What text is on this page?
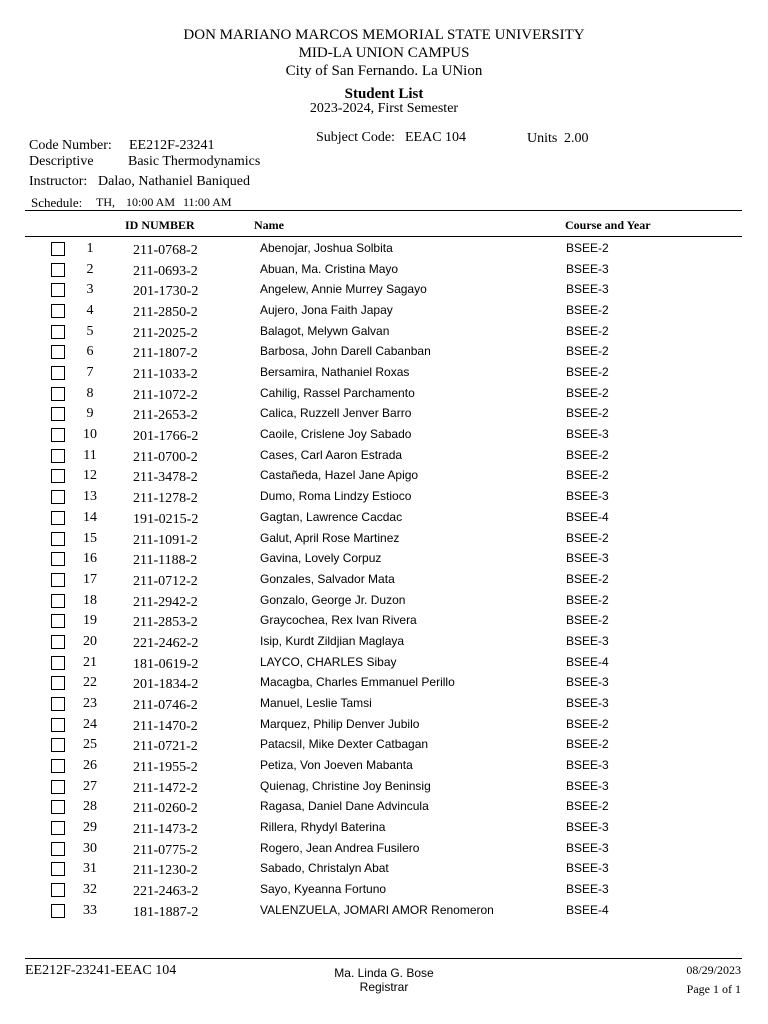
DON MARIANO MARCOS MEMORIAL STATE UNIVERSITY
MID-LA UNION CAMPUS
City of San Fernando. La UNion
Student List
2023-2024, First Semester
Code Number: EE212F-23241
Subject Code: EEAC 104	Units 2.00
Descriptive Basic Thermodynamics
Instructor: Dalao, Nathaniel Baniqued
Schedule: TH, 10:00 AM 11:00 AM
ID NUMBER	Name	Course and Year
1	211-0768-2	Abenojar, Joshua Solbita	BSEE-2
2	211-0693-2	Abuan, Ma. Cristina Mayo	BSEE-3
3	201-1730-2	Angelew, Annie Murrey Sagayo	BSEE-3
4	211-2850-2	Aujero, Jona Faith Japay	BSEE-2
5	211-2025-2	Balagot, Melywn Galvan	BSEE-2
6	211-1807-2	Barbosa, John Darell Cabanban	BSEE-2
7	211-1033-2	Bersamira, Nathaniel Roxas	BSEE-2
8	211-1072-2	Cahilig, Rassel Parchamento	BSEE-2
9	211-2653-2	Calica, Ruzzell Jenver Barro	BSEE-2
10	201-1766-2	Caoile, Crislene Joy Sabado	BSEE-3
11	211-0700-2	Cases, Carl Aaron Estrada	BSEE-2
12	211-3478-2	Castañeda, Hazel Jane Apigo	BSEE-2
13	211-1278-2	Dumo, Roma Lindzy Estioco	BSEE-3
14	191-0215-2	Gagtan, Lawrence Cacdac	BSEE-4
15	211-1091-2	Galut, April Rose Martinez	BSEE-2
16	211-1188-2	Gavina, Lovely Corpuz	BSEE-3
17	211-0712-2	Gonzales, Salvador Mata	BSEE-2
18	211-2942-2	Gonzalo, George Jr. Duzon	BSEE-2
19	211-2853-2	Graycochea, Rex Ivan Rivera	BSEE-2
20	221-2462-2	Isip, Kurdt Zildjian Maglaya	BSEE-3
21	181-0619-2	LAYCO, CHARLES Sibay	BSEE-4
22	201-1834-2	Macagba, Charles Emmanuel Perillo	BSEE-3
23	211-0746-2	Manuel, Leslie Tamsi	BSEE-3
24	211-1470-2	Marquez, Philip Denver Jubilo	BSEE-2
25	211-0721-2	Patacsil, Mike Dexter Catbagan	BSEE-2
26	211-1955-2	Petiza, Von Joeven Mabanta	BSEE-3
27	211-1472-2	Quienag, Christine Joy Beninsig	BSEE-3
28	211-0260-2	Ragasa, Daniel Dane Advincula	BSEE-2
29	211-1473-2	Rillera, Rhydyl Baterina	BSEE-3
30	211-0775-2	Rogero, Jean Andrea Fusilero	BSEE-3
31	211-1230-2	Sabado, Christalyn Abat	BSEE-3
32	221-2463-2	Sayo, Kyeanna Fortuno	BSEE-3
33	181-1887-2	VALENZUELA, JOMARI AMOR Renomeron	BSEE-4
EE212F-23241-EEAC 104	Ma. Linda G. Bose
Registrar
08/29/2023
Page 1 of 1
